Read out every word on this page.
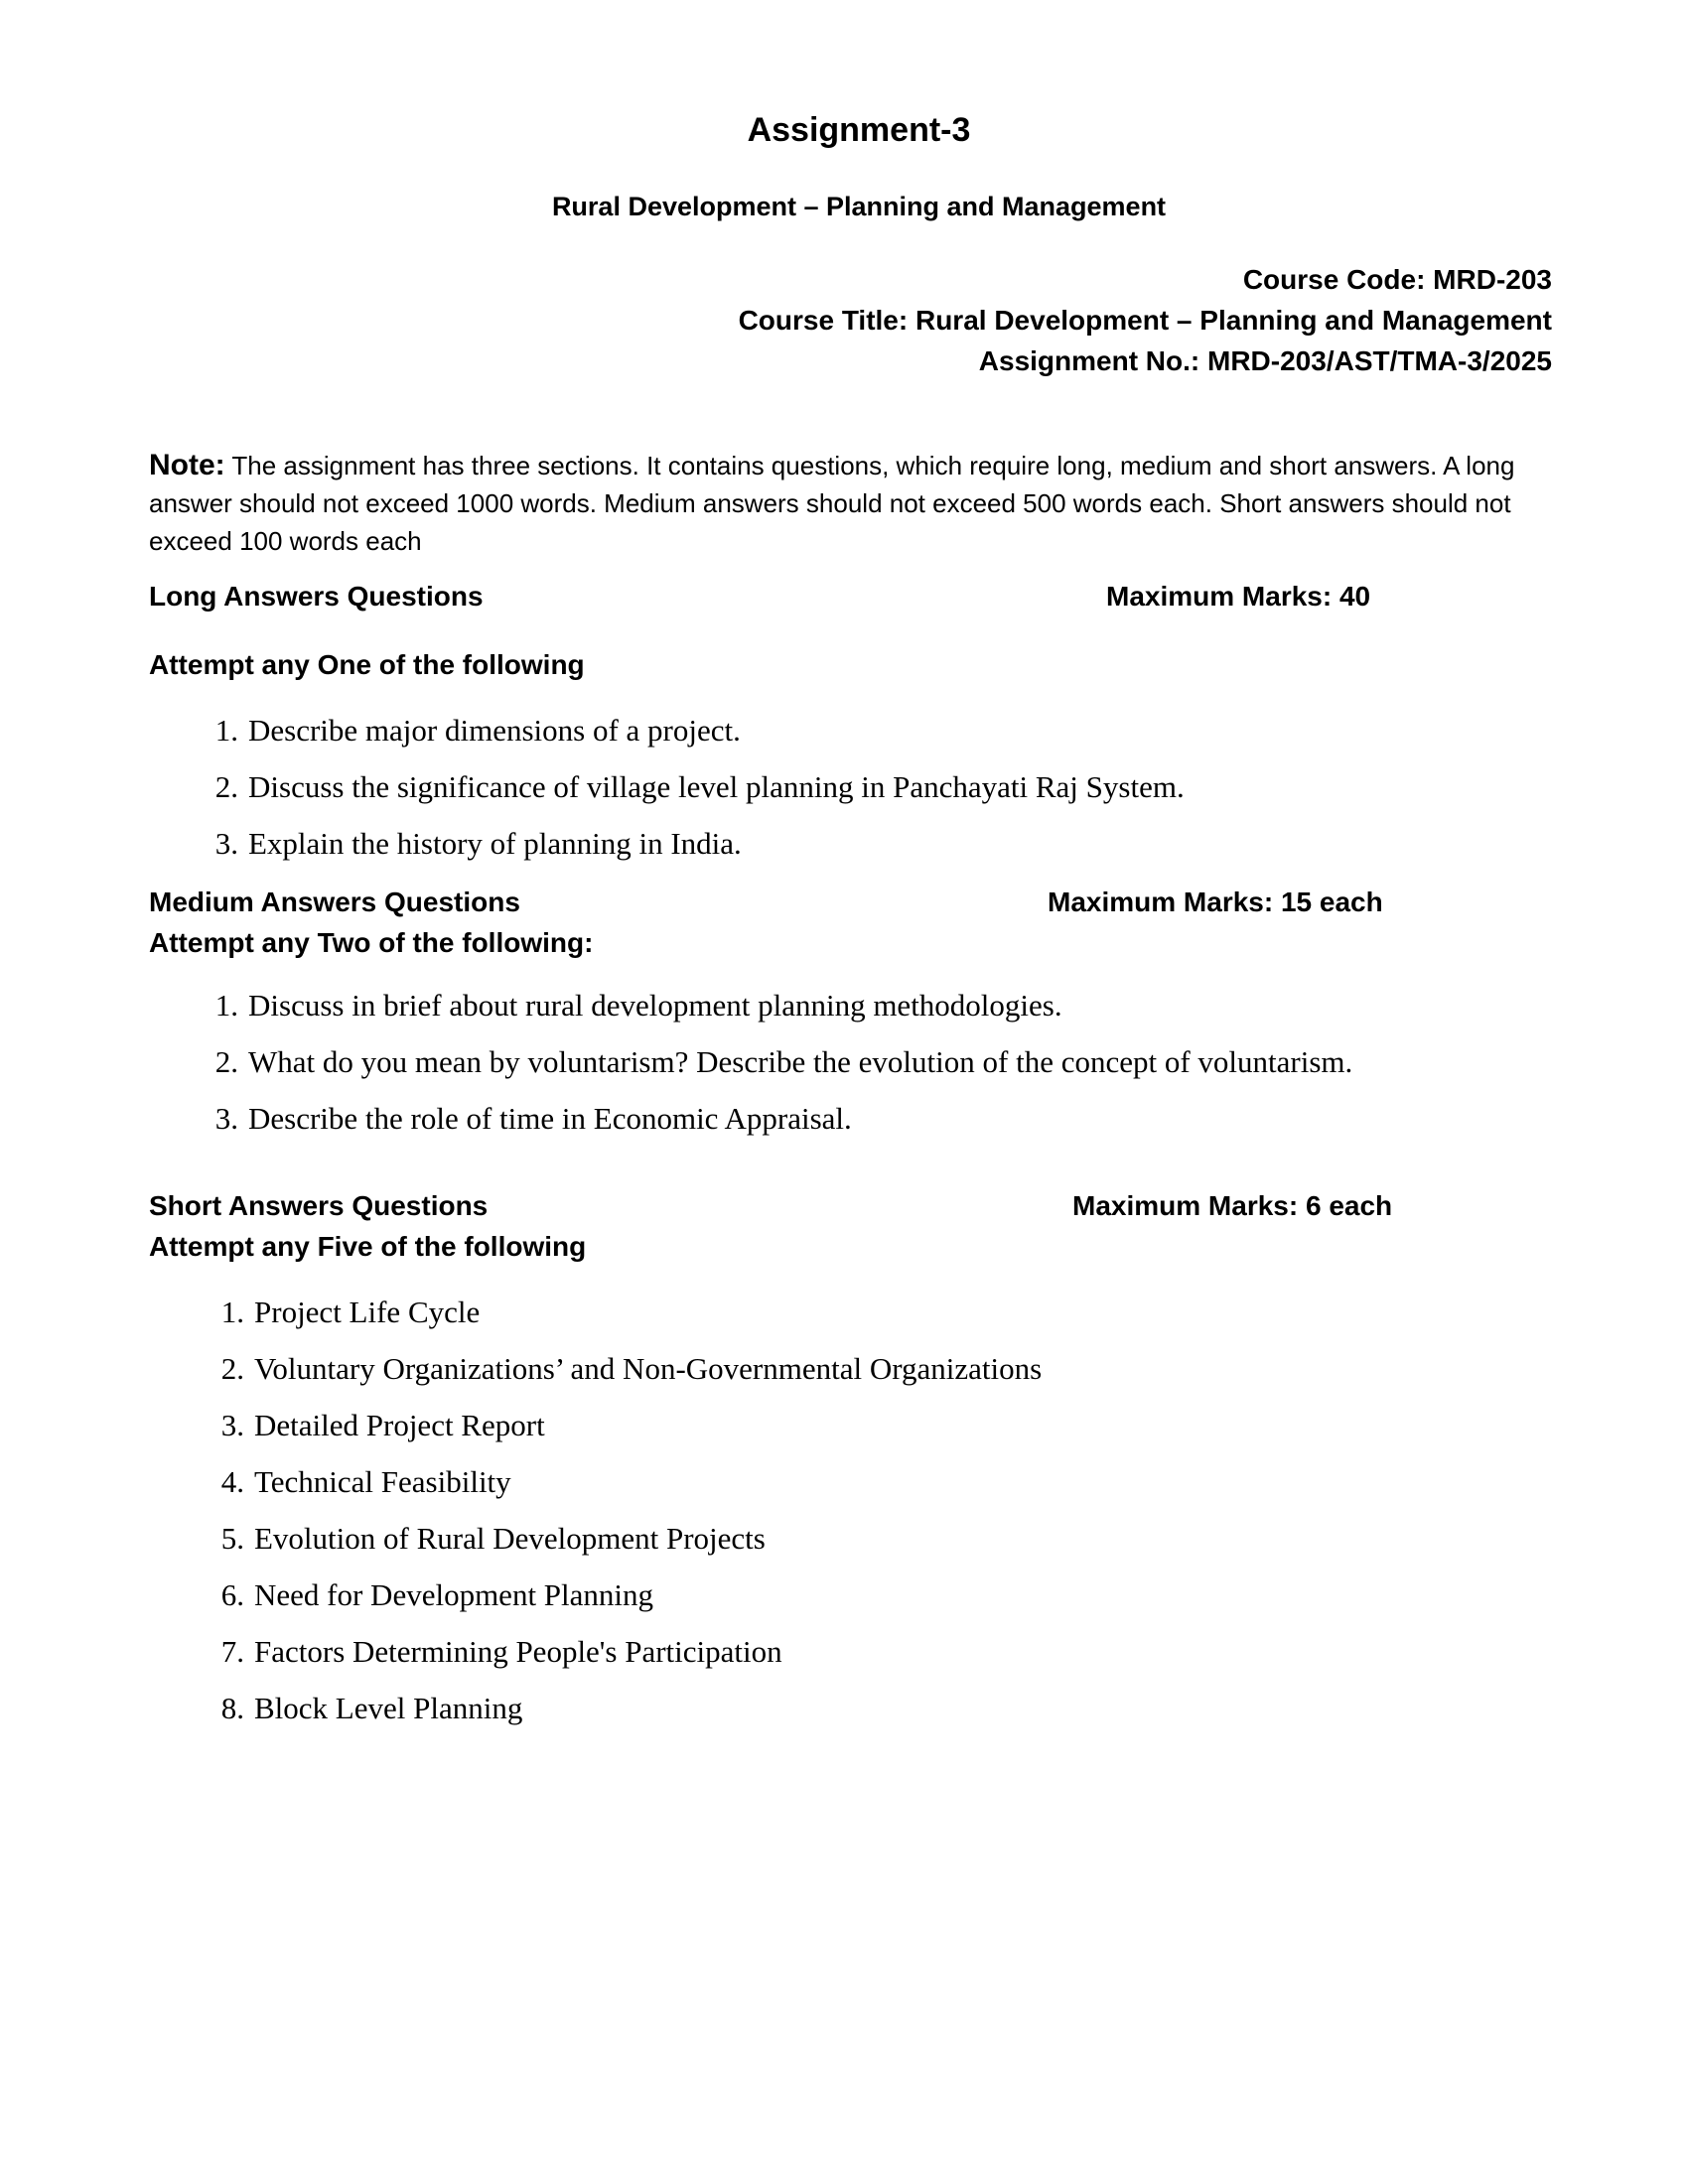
Assignment-3
Rural Development – Planning and Management
Course Code: MRD-203
Course Title: Rural Development – Planning and Management
Assignment No.: MRD-203/AST/TMA-3/2025
Note: The assignment has three sections. It contains questions, which require long, medium and short answers. A long answer should not exceed 1000 words. Medium answers should not exceed 500 words each. Short answers should not exceed 100 words each
Long Answers Questions	Maximum Marks: 40
Attempt any One of the following
1. Describe major dimensions of a project.
2. Discuss the significance of village level planning in Panchayati Raj System.
3. Explain the history of planning in India.
Medium Answers Questions	Maximum Marks: 15 each
Attempt any Two of the following:
1. Discuss in brief about rural development planning methodologies.
2. What do you mean by voluntarism? Describe the evolution of the concept of voluntarism.
3. Describe the role of time in Economic Appraisal.
Short Answers Questions	Maximum Marks: 6 each
Attempt any Five of the following
1. Project Life Cycle
2. Voluntary Organizations’ and Non-Governmental Organizations
3. Detailed Project Report
4. Technical Feasibility
5. Evolution of Rural Development Projects
6. Need for Development Planning
7. Factors Determining People's Participation
8. Block Level Planning
